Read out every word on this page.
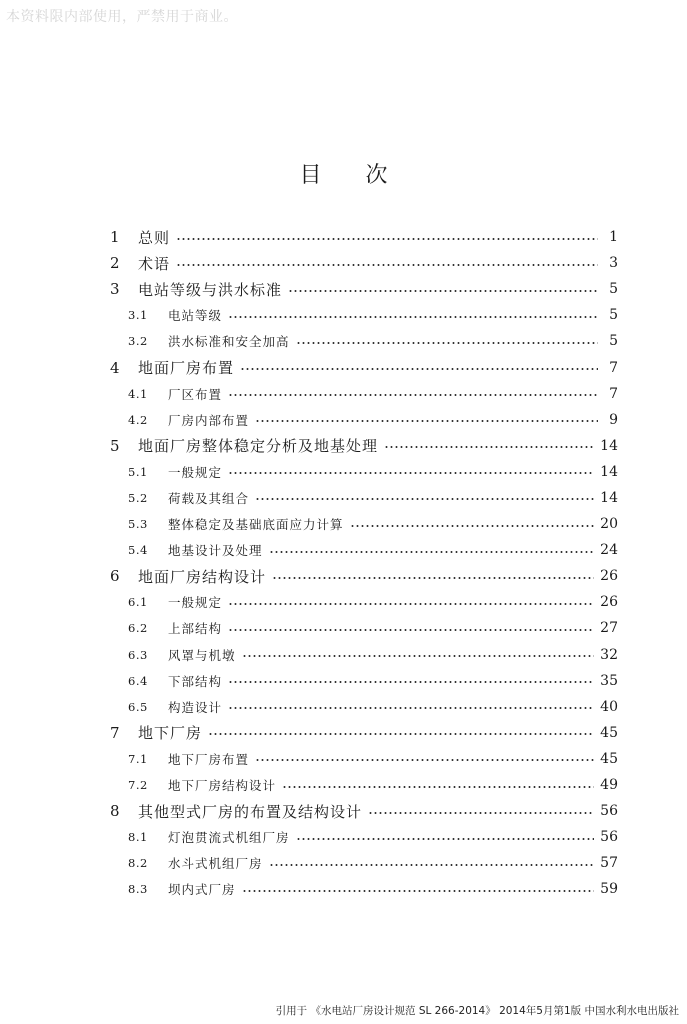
本资料限内部使用，严禁用于商业。
目次
1	总则	1
2	术语	3
3	电站等级与洪水标准	5
3.1	电站等级	5
3.2	洪水标准和安全加高	5
4	地面厂房布置	7
4.1	厂区布置	7
4.2	厂房内部布置	9
5	地面厂房整体稳定分析及地基处理	14
5.1	一般规定	14
5.2	荷载及其组合	14
5.3	整体稳定及基础底面应力计算	20
5.4	地基设计及处理	24
6	地面厂房结构设计	26
6.1	一般规定	26
6.2	上部结构	27
6.3	风罩与机墩	32
6.4	下部结构	35
6.5	构造设计	40
7	地下厂房	45
7.1	地下厂房布置	45
7.2	地下厂房结构设计	49
8	其他型式厂房的布置及结构设计	56
8.1	灯泡贯流式机组厂房	56
8.2	水斗式机组厂房	57
8.3	坝内式厂房	59
引用于 《水电站厂房设计规范 SL 266-2014》 2014年5月第1版 中国水利水电出版社
